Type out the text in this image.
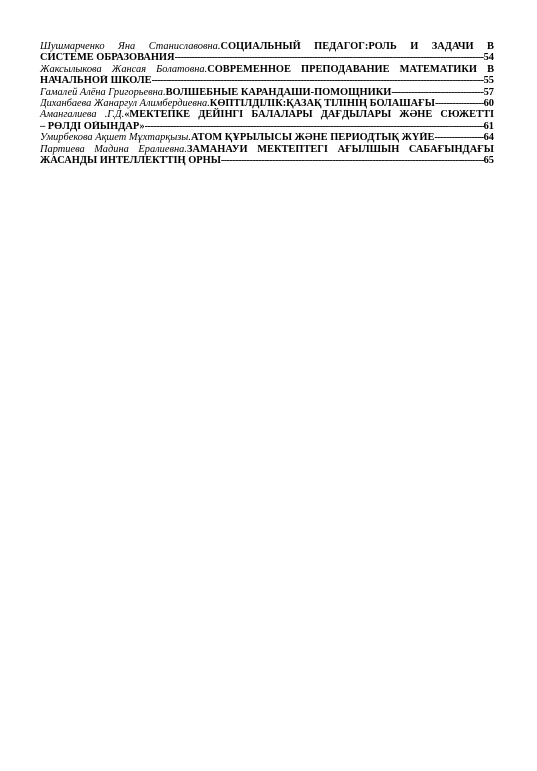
Шушмарченко Яна Станиславовна.СОЦИАЛЬНЫЙ ПЕДАГОГ:РОЛЬ И ЗАДАЧИ В
СИСТЕМЕ ОБРАЗОВАНИЯ -----	54
Жаксылыкова Жансая Болатовна.СОВРЕМЕННОЕ ПРЕПОДАВАНИЕ МАТЕМАТИКИ В
НАЧАЛЬНОЙ ШКОЛЕ -----	55
Гамалей Алёна Григорьевна.ВОЛШЕБНЫЕ КАРАНДАШИ-ПОМОЩНИКИ -----	57
Диханбаева Жанаргул Алимбердиевна.КӨПТІЛДІЛІК:ҚАЗАҚ ТІЛІНІҢ БОЛАШАҒЫ -----	60
Амангалиева .Г.Д.«МЕКТЕПКЕ ДЕЙІНГІ БАЛАЛАРЫ ДАҒДЫЛАРЫ ЖӘНЕ СЮЖЕТТІ
– РӨЛДІ ОЙЫНДАР» -----	61
Умирбекова Ақшет Мұхтарқызы.АТОМ ҚҰРЫЛЫСЫ ЖӘНЕ ПЕРИОДТЫҚ ЖҮЙЕ -----	64
Партиева Мадина Ералиевна.ЗАМАНАУИ МЕКТЕПТЕГІ АҒЫЛШЫН САБАҒЫНДАҒЫ
ЖАСАНДЫ ИНТЕЛЛЕКТТІҢ ОРНЫ -----	65
